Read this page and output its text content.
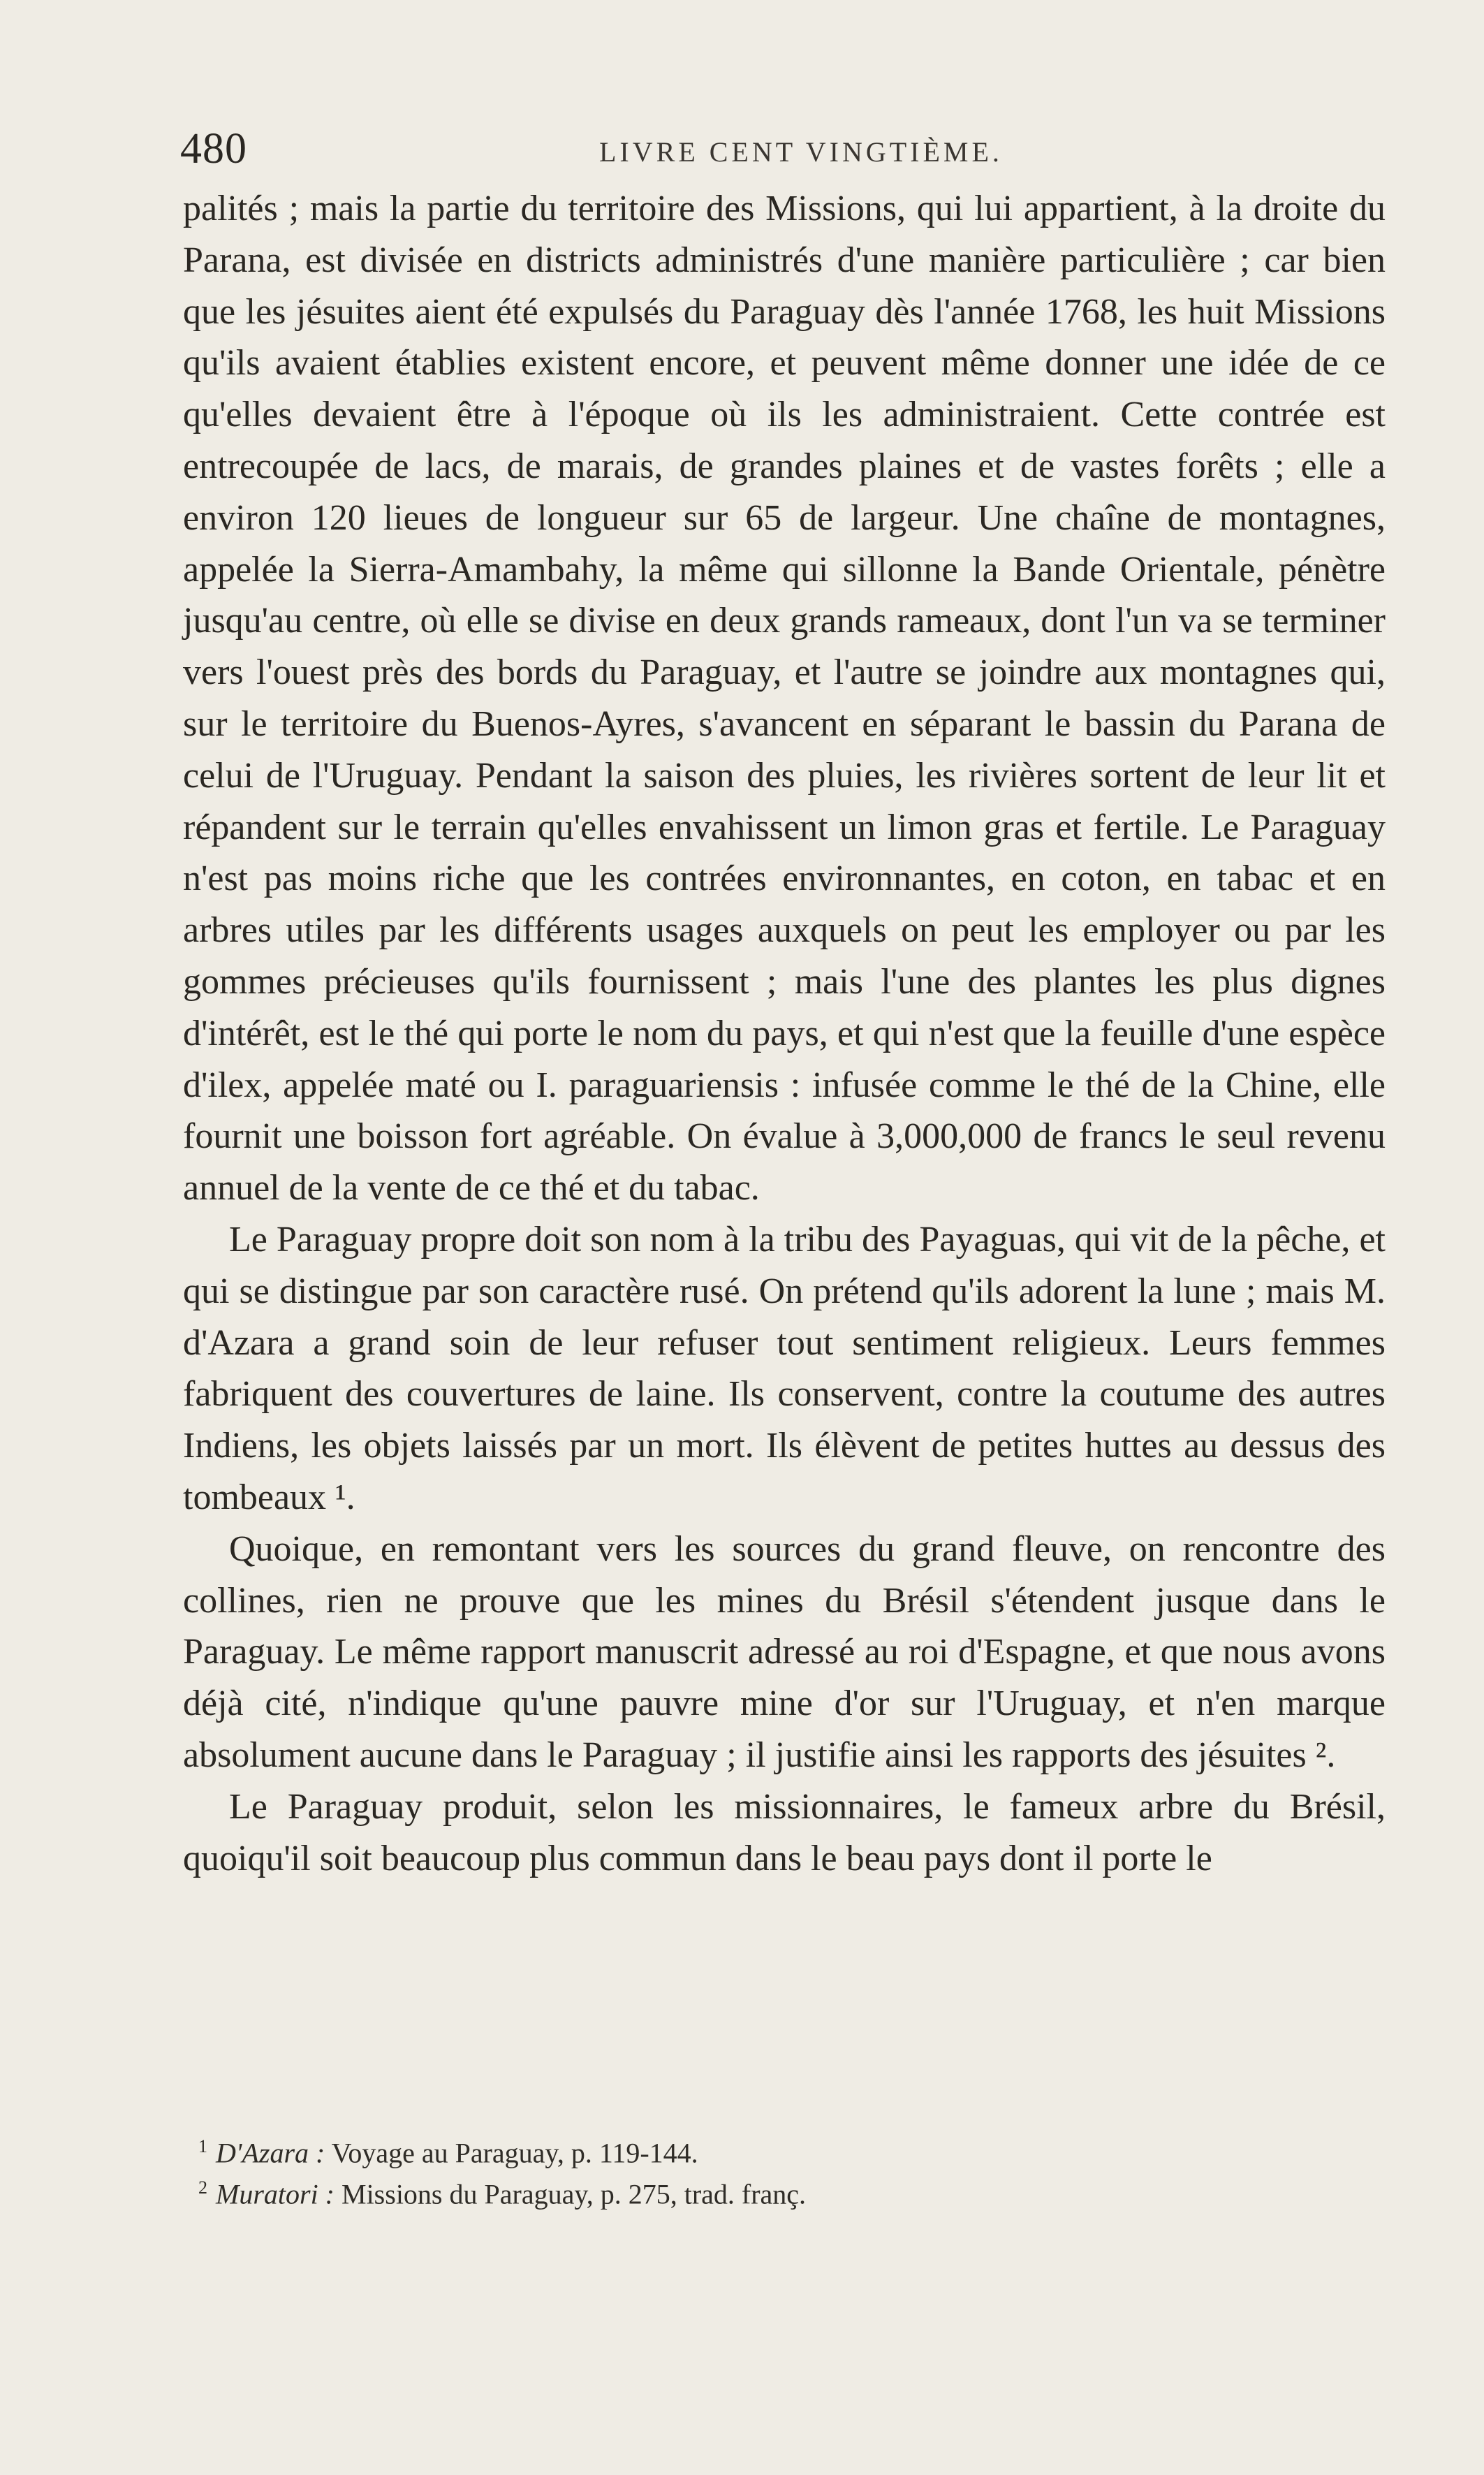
480	LIVRE CENT VINGTIÈME.

palités ; mais la partie du territoire des Missions, qui lui appartient, à la droite du Parana, est divisée en districts administrés d'une manière particulière ; car bien que les jésuites aient été expulsés du Paraguay dès l'année 1768, les huit Missions qu'ils avaient établies existent encore, et peuvent même donner une idée de ce qu'elles devaient être à l'époque où ils les administraient. Cette contrée est entrecoupée de lacs, de marais, de grandes plaines et de vastes forêts ; elle a environ 120 lieues de longueur sur 65 de largeur. Une chaîne de montagnes, appelée la Sierra-Amambahy, la même qui sillonne la Bande Orientale, pénètre jusqu'au centre, où elle se divise en deux grands rameaux, dont l'un va se terminer vers l'ouest près des bords du Paraguay, et l'autre se joindre aux montagnes qui, sur le territoire du Buenos-Ayres, s'avancent en séparant le bassin du Parana de celui de l'Uruguay. Pendant la saison des pluies, les rivières sortent de leur lit et répandent sur le terrain qu'elles envahissent un limon gras et fertile. Le Paraguay n'est pas moins riche que les contrées environnantes, en coton, en tabac et en arbres utiles par les différents usages auxquels on peut les employer ou par les gommes précieuses qu'ils fournissent ; mais l'une des plantes les plus dignes d'intérêt, est le thé qui porte le nom du pays, et qui n'est que la feuille d'une espèce d'ilex, appelée maté ou I. paraguariensis : infusée comme le thé de la Chine, elle fournit une boisson fort agréable. On évalue à 3,000,000 de francs le seul revenu annuel de la vente de ce thé et du tabac.

Le Paraguay propre doit son nom à la tribu des Payaguas, qui vit de la pêche, et qui se distingue par son caractère rusé. On prétend qu'ils adorent la lune ; mais M. d'Azara a grand soin de leur refuser tout sentiment religieux. Leurs femmes fabriquent des couvertures de laine. Ils conservent, contre la coutume des autres Indiens, les objets laissés par un mort. Ils élèvent de petites huttes au dessus des tombeaux ¹.

Quoique, en remontant vers les sources du grand fleuve, on rencontre des collines, rien ne prouve que les mines du Brésil s'étendent jusque dans le Paraguay. Le même rapport manuscrit adressé au roi d'Espagne, et que nous avons déjà cité, n'indique qu'une pauvre mine d'or sur l'Uruguay, et n'en marque absolument aucune dans le Paraguay ; il justifie ainsi les rapports des jésuites ².

Le Paraguay produit, selon les missionnaires, le fameux arbre du Brésil, quoiqu'il soit beaucoup plus commun dans le beau pays dont il porte le

$^1$ D'Azara : Voyage au Paraguay, p. 119-144.
$^2$ Muratori : Missions du Paraguay, p. 275, trad. franç.
